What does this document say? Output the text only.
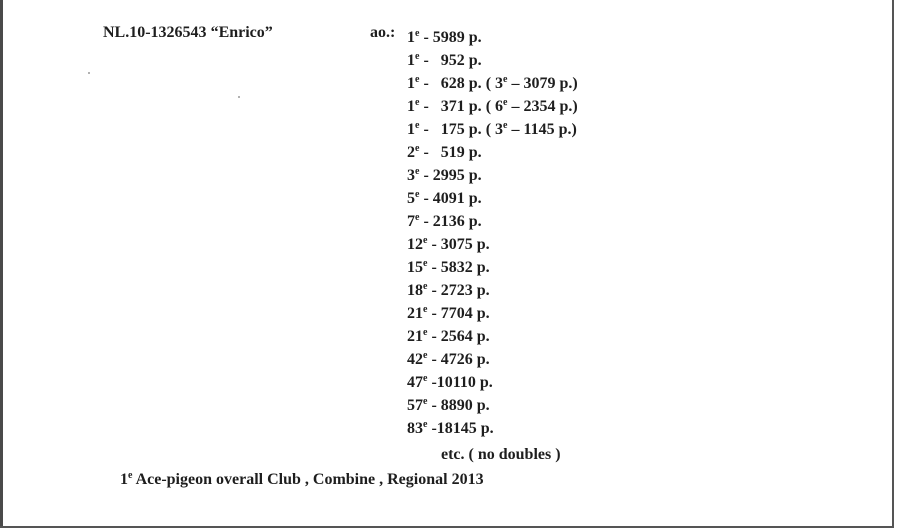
NL.10-1326543 “Enrico”	ao.: 1e - 5989 p.
1e -   952 p.
1e -   628 p. ( 3e – 3079 p.)
1e -   371 p. ( 6e – 2354 p.)
1e -   175 p. ( 3e – 1145 p.)
2e -   519 p.
3e - 2995 p.
5e - 4091 p.
7e - 2136 p.
12e - 3075 p.
15e - 5832 p.
18e - 2723 p.
21e - 7704 p.
21e - 2564 p.
42e - 4726 p.
47e -10110 p.
57e - 8890 p.
83e -18145 p.
etc. ( no doubles )
1e Ace-pigeon overall Club , Combine , Regional 2013
